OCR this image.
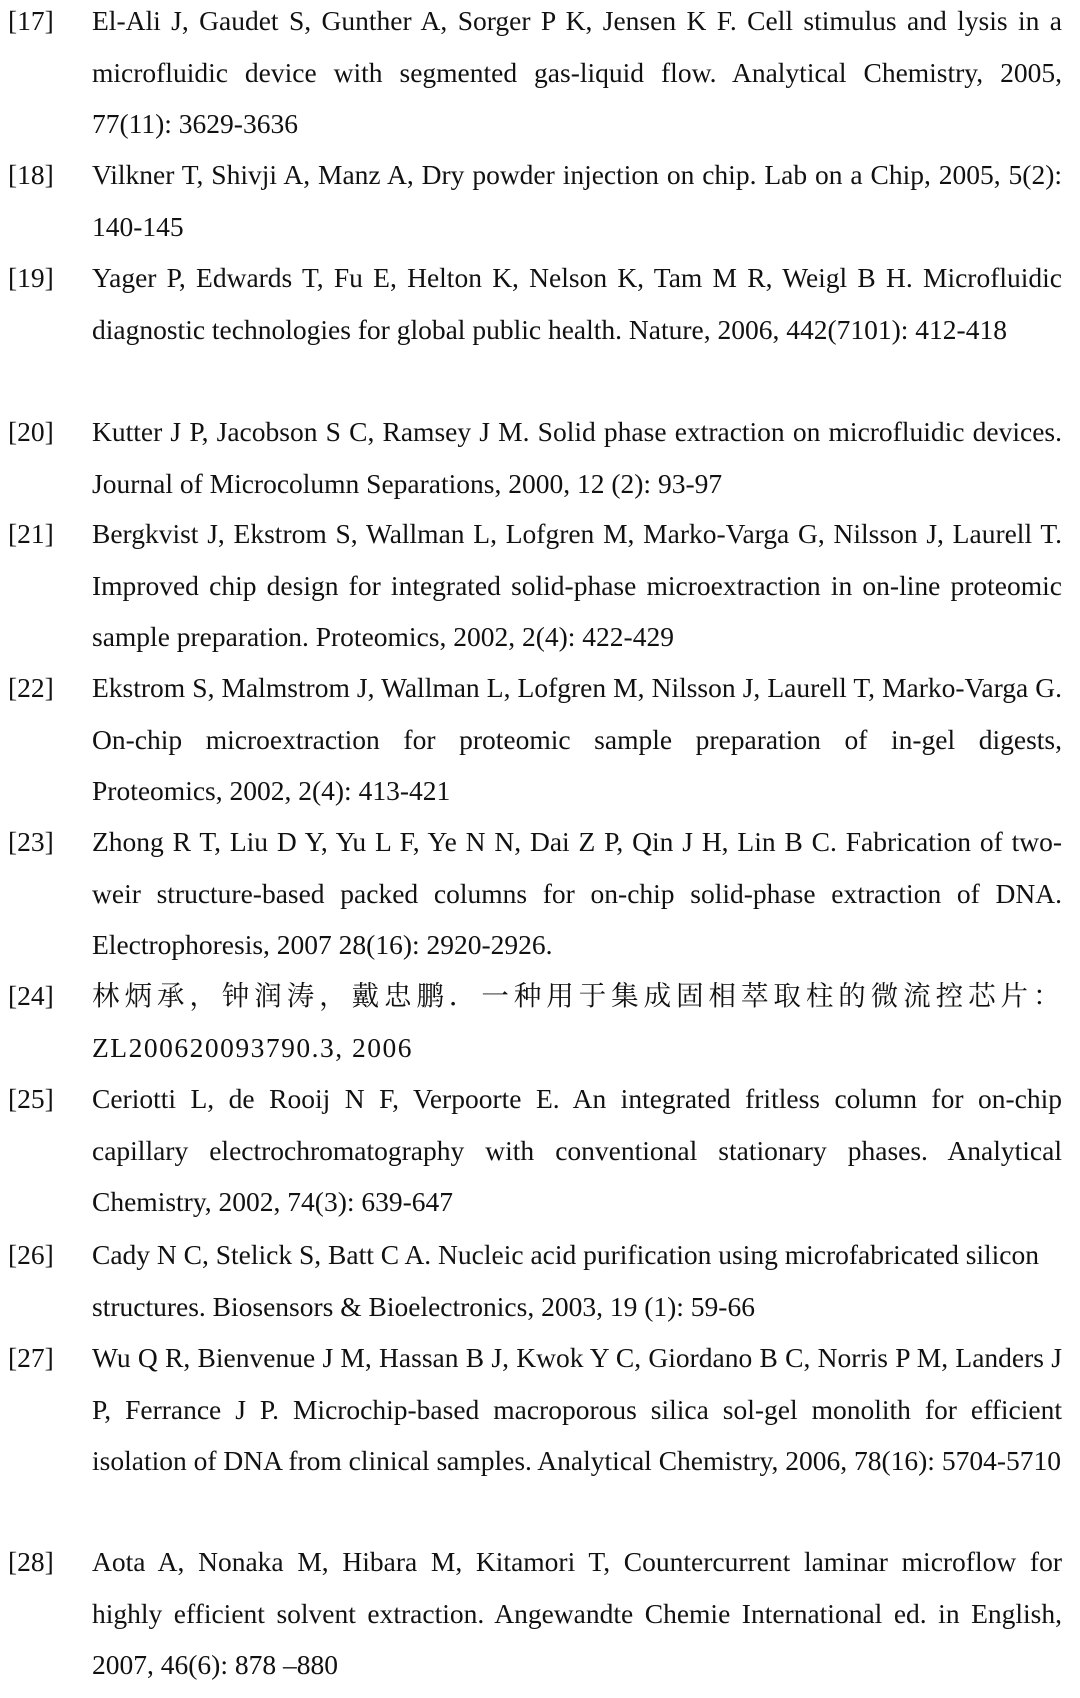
[17]	El-Ali J, Gaudet S, Gunther A, Sorger P K, Jensen K F. Cell stimulus and lysis in a microfluidic device with segmented gas-liquid flow. Analytical Chemistry, 2005, 77(11): 3629-3636
[18]	Vilkner T, Shivji A, Manz A, Dry powder injection on chip. Lab on a Chip, 2005, 5(2): 140-145
[19]	Yager P, Edwards T, Fu E, Helton K, Nelson K, Tam M R, Weigl B H. Microfluidic diagnostic technologies for global public health. Nature, 2006, 442(7101): 412-418
[20]	Kutter J P, Jacobson S C, Ramsey J M. Solid phase extraction on microfluidic devices. Journal of Microcolumn Separations, 2000, 12 (2): 93-97
[21]	Bergkvist J, Ekstrom S, Wallman L, Lofgren M, Marko-Varga G, Nilsson J, Laurell T. Improved chip design for integrated solid-phase microextraction in on-line proteomic sample preparation. Proteomics, 2002, 2(4): 422-429
[22]	Ekstrom S, Malmstrom J, Wallman L, Lofgren M, Nilsson J, Laurell T, Marko-Varga G. On-chip microextraction for proteomic sample preparation of in-gel digests, Proteomics, 2002, 2(4): 413-421
[23]	Zhong R T, Liu D Y, Yu L F, Ye N N, Dai Z P, Qin J H, Lin B C. Fabrication of two-weir structure-based packed columns for on-chip solid-phase extraction of DNA. Electrophoresis, 2007 28(16): 2920-2926.
[24]	林炳承，钟润涛，戴忠鹏．一种用于集成固相萃取柱的微流控芯片：ZL200620093790.3, 2006
[25]	Ceriotti L, de Rooij N F, Verpoorte E. An integrated fritless column for on-chip capillary electrochromatography with conventional stationary phases. Analytical Chemistry, 2002, 74(3): 639-647
[26]	Cady N C, Stelick S, Batt C A. Nucleic acid purification using microfabricated silicon structures. Biosensors & Bioelectronics, 2003, 19 (1): 59-66
[27]	Wu Q R, Bienvenue J M, Hassan B J, Kwok Y C, Giordano B C, Norris P M, Landers J P, Ferrance J P. Microchip-based macroporous silica sol-gel monolith for efficient isolation of DNA from clinical samples. Analytical Chemistry, 2006, 78(16): 5704-5710
[28]	Aota A, Nonaka M, Hibara M, Kitamori T, Countercurrent laminar microflow for highly efficient solvent extraction. Angewandte Chemie International ed. in English, 2007, 46(6): 878 –880
